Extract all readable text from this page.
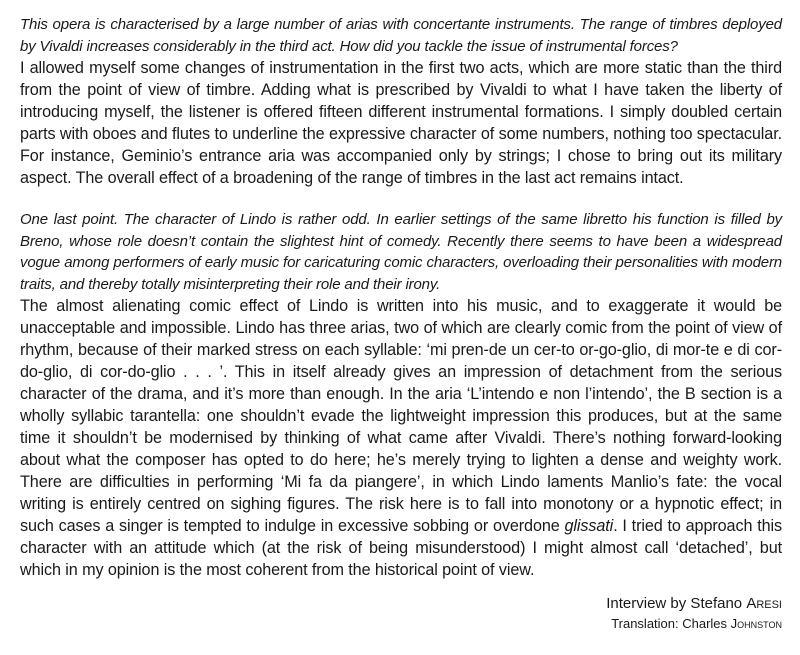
This opera is characterised by a large number of arias with concertante instruments. The range of timbres deployed by Vivaldi increases considerably in the third act. How did you tackle the issue of instrumental forces?

I allowed myself some changes of instrumentation in the first two acts, which are more static than the third from the point of view of timbre. Adding what is prescribed by Vivaldi to what I have taken the liberty of introducing myself, the listener is offered fifteen different instrumental formations. I simply doubled certain parts with oboes and flutes to underline the expressive character of some numbers, nothing too spectacular. For instance, Geminio’s entrance aria was accompanied only by strings; I chose to bring out its military aspect. The overall effect of a broadening of the range of timbres in the last act remains intact.

One last point. The character of Lindo is rather odd. In earlier settings of the same libretto his function is filled by Breno, whose role doesn’t contain the slightest hint of comedy. Recently there seems to have been a widespread vogue among performers of early music for caricaturing comic characters, overloading their personalities with modern traits, and thereby totally misinterpreting their role and their irony.

The almost alienating comic effect of Lindo is written into his music, and to exaggerate it would be unacceptable and impossible. Lindo has three arias, two of which are clearly comic from the point of view of rhythm, because of their marked stress on each syllable: ‘mi pren-de un cer-to or-go-glio, di mor-te e di cor-do-glio, di cor-do-glio . . . ’. This in itself already gives an impression of detachment from the serious character of the drama, and it’s more than enough. In the aria ‘L’intendo e non l’intendo’, the B section is a wholly syllabic tarantella: one shouldn’t evade the lightweight impression this produces, but at the same time it shouldn’t be modernised by thinking of what came after Vivaldi. There’s nothing forward-looking about what the composer has opted to do here; he’s merely trying to lighten a dense and weighty work. There are difficulties in performing ‘Mi fa da piangere’, in which Lindo laments Manlio’s fate: the vocal writing is entirely centred on sighing figures. The risk here is to fall into monotony or a hypnotic effect; in such cases a singer is tempted to indulge in excessive sobbing or overdone glissati. I tried to approach this character with an attitude which (at the risk of being misunderstood) I might almost call ‘detached’, but which in my opinion is the most coherent from the historical point of view.

Interview by Stefano Aresi
Translation: Charles Johnston
